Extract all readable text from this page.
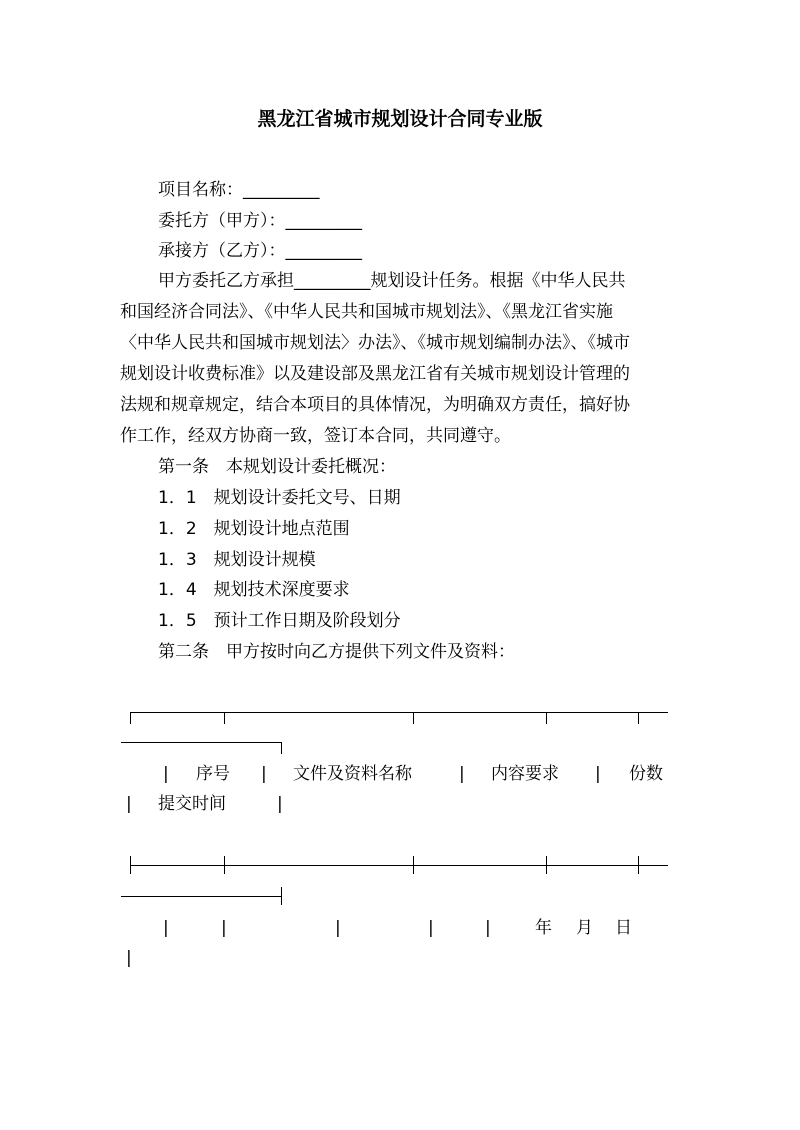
黑龙江省城市规划设计合同专业版
项目名称：_________
委托方（甲方）：_________
承接方（乙方）：_________
甲方委托乙方承担_________规划设计任务。根据《中华人民共
和国经济合同法》、《中华人民共和国城市规划法》、《黑龙江省实施
〈中华人民共和国城市规划法〉办法》、《城市规划编制办法》、《城市
规划设计收费标准》以及建设部及黑龙江省有关城市规划设计管理的
法规和规章规定，结合本项目的具体情况，为明确双方责任，搞好协
作工作，经双方协商一致，签订本合同，共同遵守。
第一条　本规划设计委托概况：
1．1　规划设计委托文号、日期
1．2　规划设计地点范围
1．3　规划设计规模
1．4　规划技术深度要求
1．5　预计工作日期及阶段划分
第二条　甲方按时向乙方提供下列文件及资料：
| 序号 | 文件及资料名称	| 内容要求 | 份数
| 提交时间	|
|	|	|	|	|	年 月 日
|
